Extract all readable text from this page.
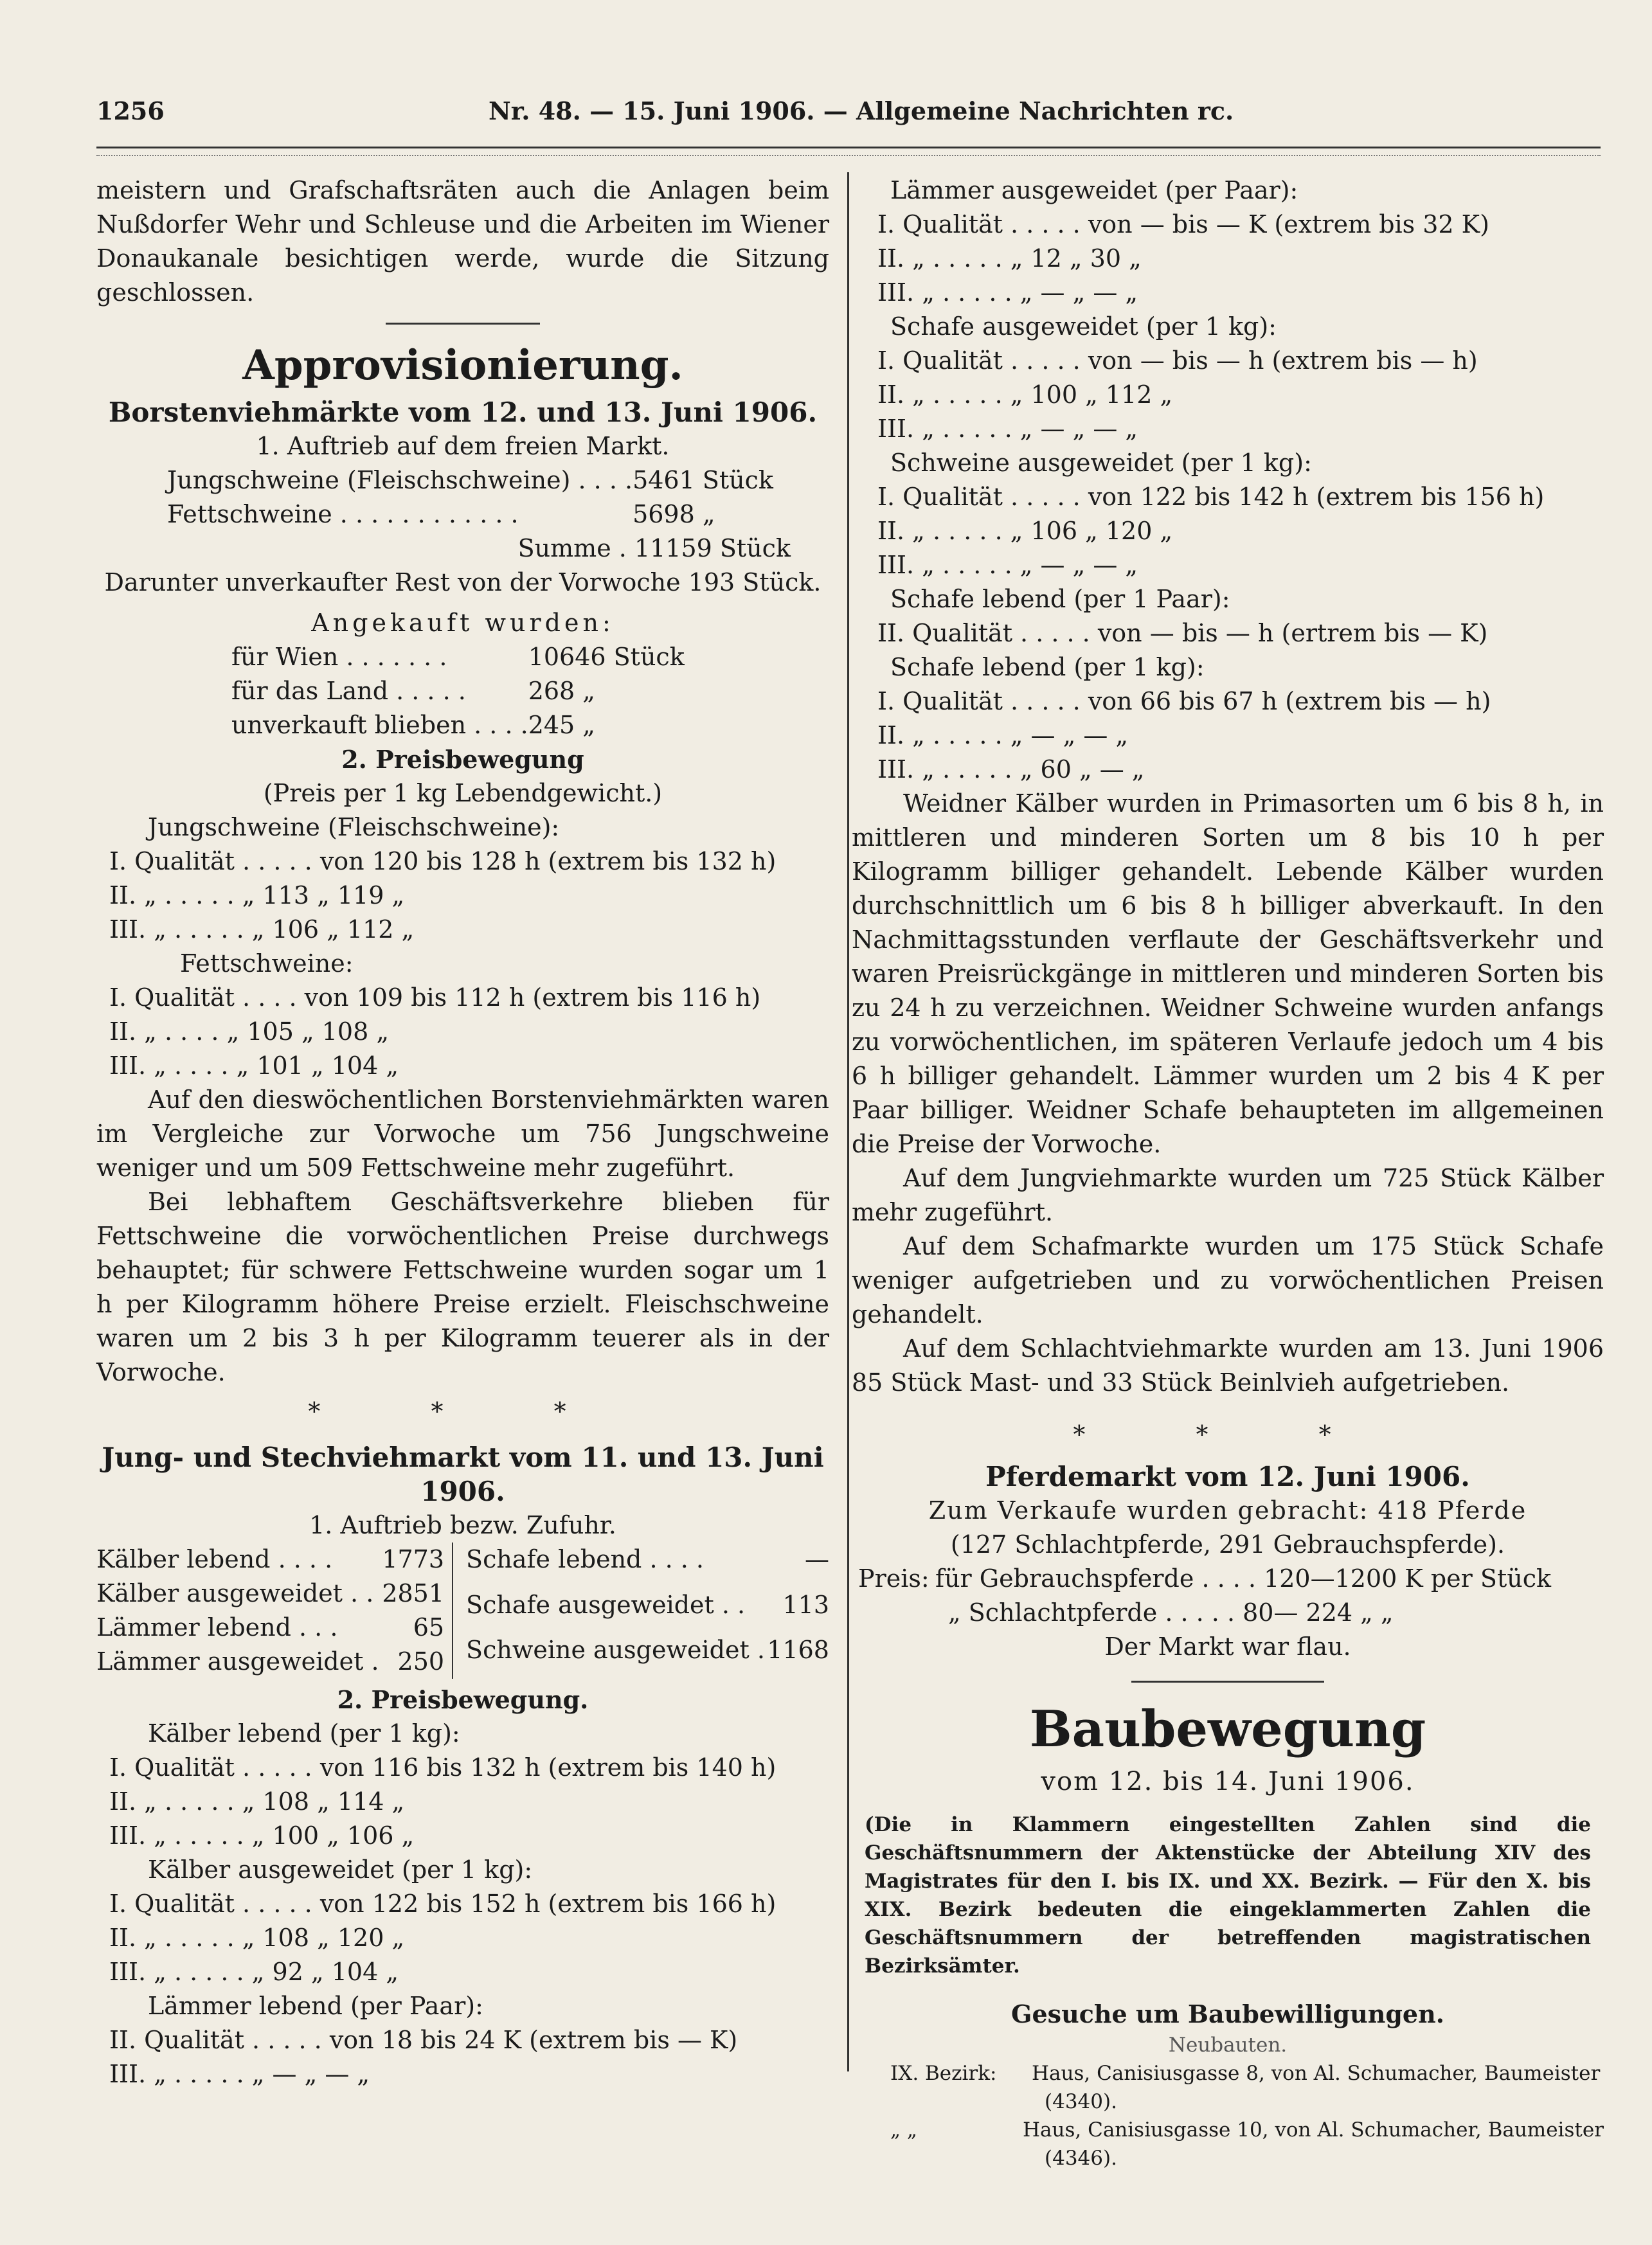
1256	Nr. 48. — 15. Juni 1906. — Allgemeine Nachrichten rc.

meistern und Grafschaftsräten auch die Anlagen beim Nußdorfer Wehr und Schleuse und die Arbeiten im Wiener Donaukanale besichtigen werde, wurde die Sitzung geschlossen.

Approvisionierung.

Borstenviehmärkte vom 12. und 13. Juni 1906.

1. Auftrieb auf dem freien Markt.

Jungschweine (Fleischschweine) . . . .	5461 Stück
Fettschweine . . . . . . . . . . . .	5698 „

Summe . 11159 Stück

Darunter unverkaufter Rest von der Vorwoche 193 Stück.

Angekauft wurden:

für Wien . . . . . . .	10646 Stück
für das Land . . . . .	268 „
unverkauft blieben . . . .	245 „

2. Preisbewegung

(Preis per 1 kg Lebendgewicht.)

Jungschweine (Fleischschweine):

I. Qualität . . . . . von 120 bis 128 h (extrem bis 132 h)

II. „ . . . . . „ 113 „ 119 „

III. „ . . . . . „ 106 „ 112 „

Fettschweine:

I. Qualität . . . . von 109 bis 112 h (extrem bis 116 h)

II. „ . . . . „ 105 „ 108 „

III. „ . . . . „ 101 „ 104 „

Auf den dieswöchentlichen Borstenviehmärkten waren im Vergleiche zur Vorwoche um 756 Jungschweine weniger und um 509 Fettschweine mehr zugeführt.

Bei lebhaftem Geschäftsverkehre blieben für Fettschweine die vorwöchentlichen Preise durchwegs behauptet; für schwere Fettschweine wurden sogar um 1 h per Kilogramm höhere Preise erzielt. Fleischschweine waren um 2 bis 3 h per Kilogramm teuerer als in der Vorwoche.

* * *

Jung- und Stechviehmarkt vom 11. und 13. Juni 1906.

1. Auftrieb bezw. Zufuhr.

Kälber lebend . . . .	1773
Kälber ausgeweidet . .	2851
Lämmer lebend . . .	65
Lämmer ausgeweidet .	250
Schafe lebend . . . .	—
Schafe ausgeweidet . .	113
Schweine ausgeweidet .	1168

2. Preisbewegung.

Kälber lebend (per 1 kg):

I. Qualität . . . . . von 116 bis 132 h (extrem bis 140 h)

II. „ . . . . . „ 108 „ 114 „

III. „ . . . . . „ 100 „ 106 „

Kälber ausgeweidet (per 1 kg):

I. Qualität . . . . . von 122 bis 152 h (extrem bis 166 h)

II. „ . . . . . „ 108 „ 120 „

III. „ . . . . . „ 92 „ 104 „

Lämmer lebend (per Paar):

II. Qualität . . . . . von 18 bis 24 K (extrem bis — K)

III. „ . . . . . „ — „ — „

Lämmer ausgeweidet (per Paar):

I. Qualität . . . . . von — bis — K (extrem bis 32 K)

II. „ . . . . . „ 12 „ 30 „

III. „ . . . . . „ — „ — „

Schafe ausgeweidet (per 1 kg):

I. Qualität . . . . . von — bis — h (extrem bis — h)

II. „ . . . . . „ 100 „ 112 „

III. „ . . . . . „ — „ — „

Schweine ausgeweidet (per 1 kg):

I. Qualität . . . . . von 122 bis 142 h (extrem bis 156 h)

II. „ . . . . . „ 106 „ 120 „

III. „ . . . . . „ — „ — „

Schafe lebend (per 1 Paar):

II. Qualität . . . . . von — bis — h (ertrem bis — K)

Schafe lebend (per 1 kg):

I. Qualität . . . . . von 66 bis 67 h (extrem bis — h)

II. „ . . . . . „ — „ — „

III. „ . . . . . „ 60 „ — „

Weidner Kälber wurden in Primasorten um 6 bis 8 h, in mittleren und minderen Sorten um 8 bis 10 h per Kilogramm billiger gehandelt. Lebende Kälber wurden durchschnittlich um 6 bis 8 h billiger abverkauft. In den Nachmittagsstunden verflaute der Geschäftsverkehr und waren Preisrückgänge in mittleren und minderen Sorten bis zu 24 h zu verzeichnen. Weidner Schweine wurden anfangs zu vorwöchentlichen, im späteren Verlaufe jedoch um 4 bis 6 h billiger gehandelt. Lämmer wurden um 2 bis 4 K per Paar billiger. Weidner Schafe behaupteten im allgemeinen die Preise der Vorwoche.

Auf dem Jungviehmarkte wurden um 725 Stück Kälber mehr zugeführt.

Auf dem Schafmarkte wurden um 175 Stück Schafe weniger aufgetrieben und zu vorwöchentlichen Preisen gehandelt.

Auf dem Schlachtviehmarkte wurden am 13. Juni 1906 85 Stück Mast- und 33 Stück Beinlvieh aufgetrieben.

* * *

Pferdemarkt vom 12. Juni 1906.

Zum Verkaufe wurden gebracht: 418 Pferde

(127 Schlachtpferde, 291 Gebrauchspferde).

Preis: für Gebrauchspferde . . . . 120—1200 K per Stück

„ Schlachtpferde . . . . . 80— 224 „ „

Der Markt war flau.

Baubewegung

vom 12. bis 14. Juni 1906.

(Die in Klammern eingestellten Zahlen sind die Geschäftsnummern der Aktenstücke der Abteilung XIV des Magistrates für den I. bis IX. und XX. Bezirk. — Für den X. bis XIX. Bezirk bedeuten die eingeklammerten Zahlen die Geschäftsnummern der betreffenden magistratischen Bezirksämter.

Gesuche um Baubewilligungen.

Neubauten.

IX. Bezirk:	Haus, Canisiusgasse 8, von Al. Schumacher, Baumeister

(4340).

„ „	Haus, Canisiusgasse 10, von Al. Schumacher, Baumeister

(4346).
